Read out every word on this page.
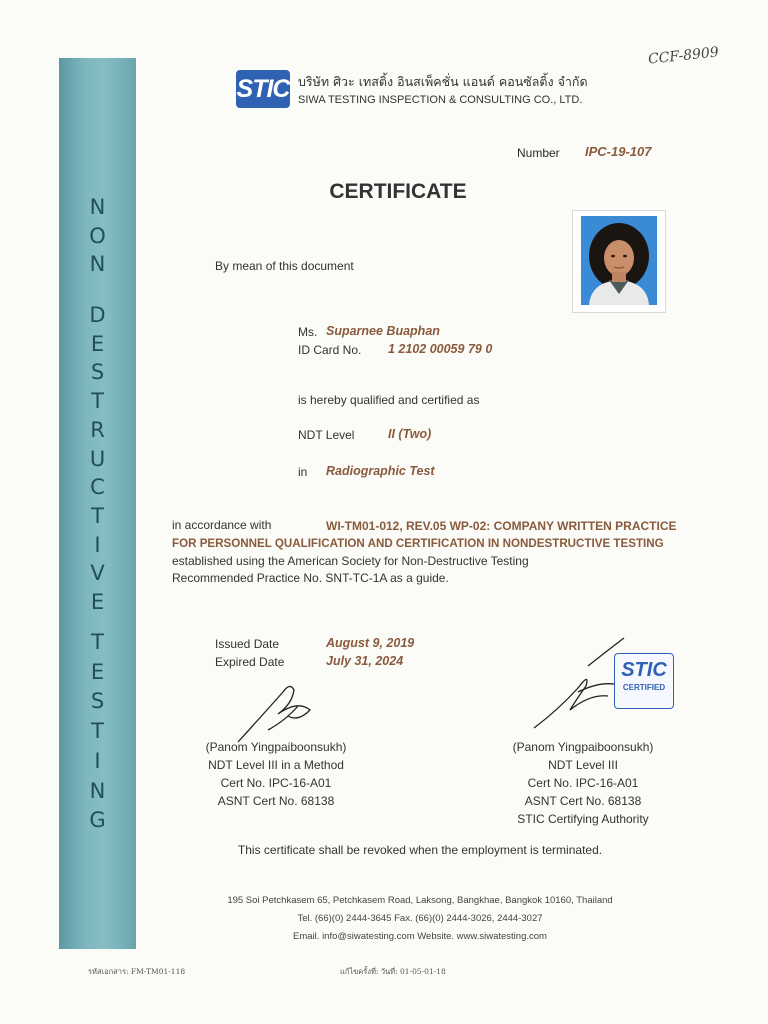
N
O
N
D
E
S
T
R
U
C
T
I
V
E
T
E
S
T
I
N
G
STIC บริษัท ศิวะ เทสติ้ง อินสเพ็คชั่น แอนด์ คอนซัลติ้ง จำกัด
SIWA TESTING INSPECTION & CONSULTING CO., LTD.
CCF-8909
Number IPC-19-107
CERTIFICATE
By mean of this document
Ms. Suparnee Buaphan
ID Card No. 1 2102 00059 79 0
is hereby qualified and certified as
NDT Level	II (Two)
in Radiographic Test
in accordance with	WI-TM01-012, REV.05 WP-02: COMPANY WRITTEN PRACTICE
FOR PERSONNEL QUALIFICATION AND CERTIFICATION IN NONDESTRUCTIVE TESTING
established using the American Society for Non-Destructive Testing
Recommended Practice No. SNT-TC-1A as a guide.
Issued Date	August 9, 2019
Expired Date	July 31, 2024	STIC
CERTIFIED
(Panom Yingpaiboonsukh)
NDT Level III in a Method
Cert No. IPC-16-A01
ASNT Cert No. 68138
(Panom Yingpaiboonsukh)
NDT Level III
Cert No. IPC-16-A01
ASNT Cert No. 68138
STIC Certifying Authority
This certificate shall be revoked when the employment is terminated.
195 Soi Petchkasem 65, Petchkasem Road, Laksong, Bangkhae, Bangkok 10160, Thailand
Tel. (66)(0) 2444-3645 Fax. (66)(0) 2444-3026, 2444-3027
Email. info@siwatesting.com Website. www.siwatesting.com
รหัสเอกสาร: FM-TM01-118	แก้ไขครั้งที่: วันที่: 01-05-01-18
